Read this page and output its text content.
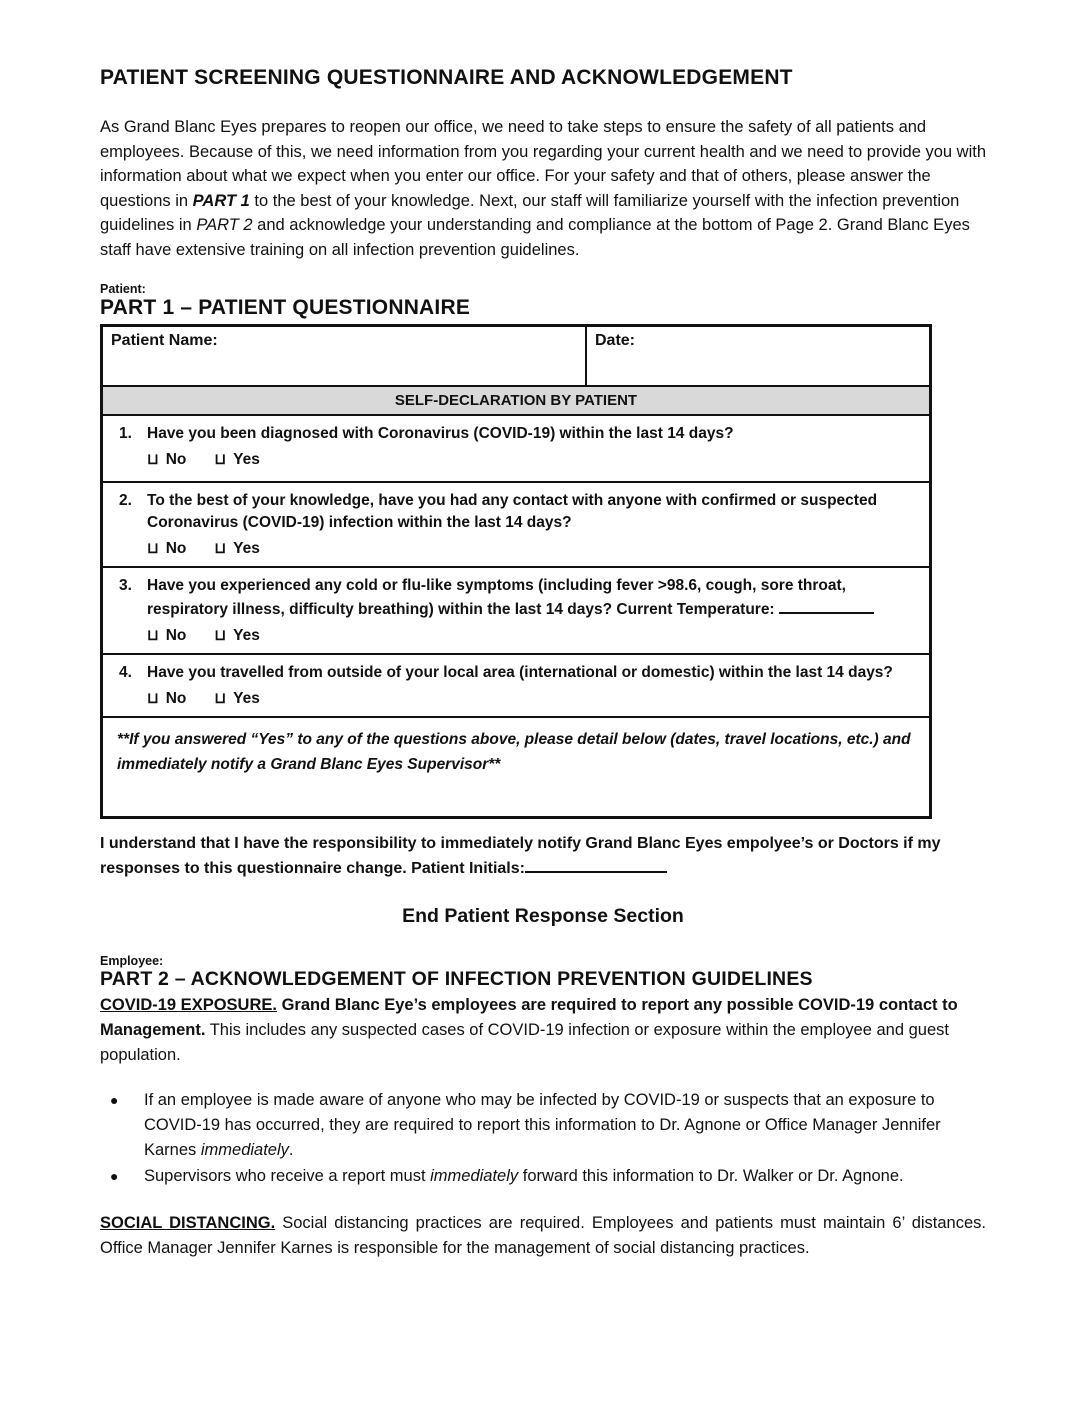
PATIENT SCREENING QUESTIONNAIRE AND ACKNOWLEDGEMENT
As Grand Blanc Eyes prepares to reopen our office, we need to take steps to ensure the safety of all patients and employees. Because of this, we need information from you regarding your current health and we need to provide you with information about what we expect when you enter our office. For your safety and that of others, please answer the questions in PART 1 to the best of your knowledge. Next, our staff will familiarize yourself with the infection prevention guidelines in PART 2 and acknowledge your understanding and compliance at the bottom of Page 2. Grand Blanc Eyes staff have extensive training on all infection prevention guidelines.
Patient:
PART 1 – PATIENT QUESTIONNAIRE
Patient Name:	Date:
SELF-DECLARATION BY PATIENT
1. Have you been diagnosed with Coronavirus (COVID-19) within the last 14 days?
⊔ No ⊔ Yes
2. To the best of your knowledge, have you had any contact with anyone with confirmed or suspected Coronavirus (COVID-19) infection within the last 14 days?
⊔ No ⊔ Yes
3. Have you experienced any cold or flu-like symptoms (including fever >98.6, cough, sore throat, respiratory illness, difficulty breathing) within the last 14 days? Current Temperature:
⊔ No ⊔ Yes
4. Have you travelled from outside of your local area (international or domestic) within the last 14 days?
⊔ No ⊔ Yes
**If you answered “Yes” to any of the questions above, please detail below (dates, travel locations, etc.) and immediately notify a Grand Blanc Eyes Supervisor**
I understand that I have the responsibility to immediately notify Grand Blanc Eyes empolyee’s or Doctors if my responses to this questionnaire change. Patient Initials:
End Patient Response Section
Employee:
PART 2 – ACKNOWLEDGEMENT OF INFECTION PREVENTION GUIDELINES
COVID-19 EXPOSURE. Grand Blanc Eye’s employees are required to report any possible COVID-19 contact to Management. This includes any suspected cases of COVID-19 infection or exposure within the employee and guest population.
●	If an employee is made aware of anyone who may be infected by COVID-19 or suspects that an exposure to COVID-19 has occurred, they are required to report this information to Dr. Agnone or Office Manager Jennifer Karnes immediately.
●	Supervisors who receive a report must immediately forward this information to Dr. Walker or Dr. Agnone.
SOCIAL DISTANCING. Social distancing practices are required. Employees and patients must maintain 6’ distances. Office Manager Jennifer Karnes is responsible for the management of social distancing practices.
